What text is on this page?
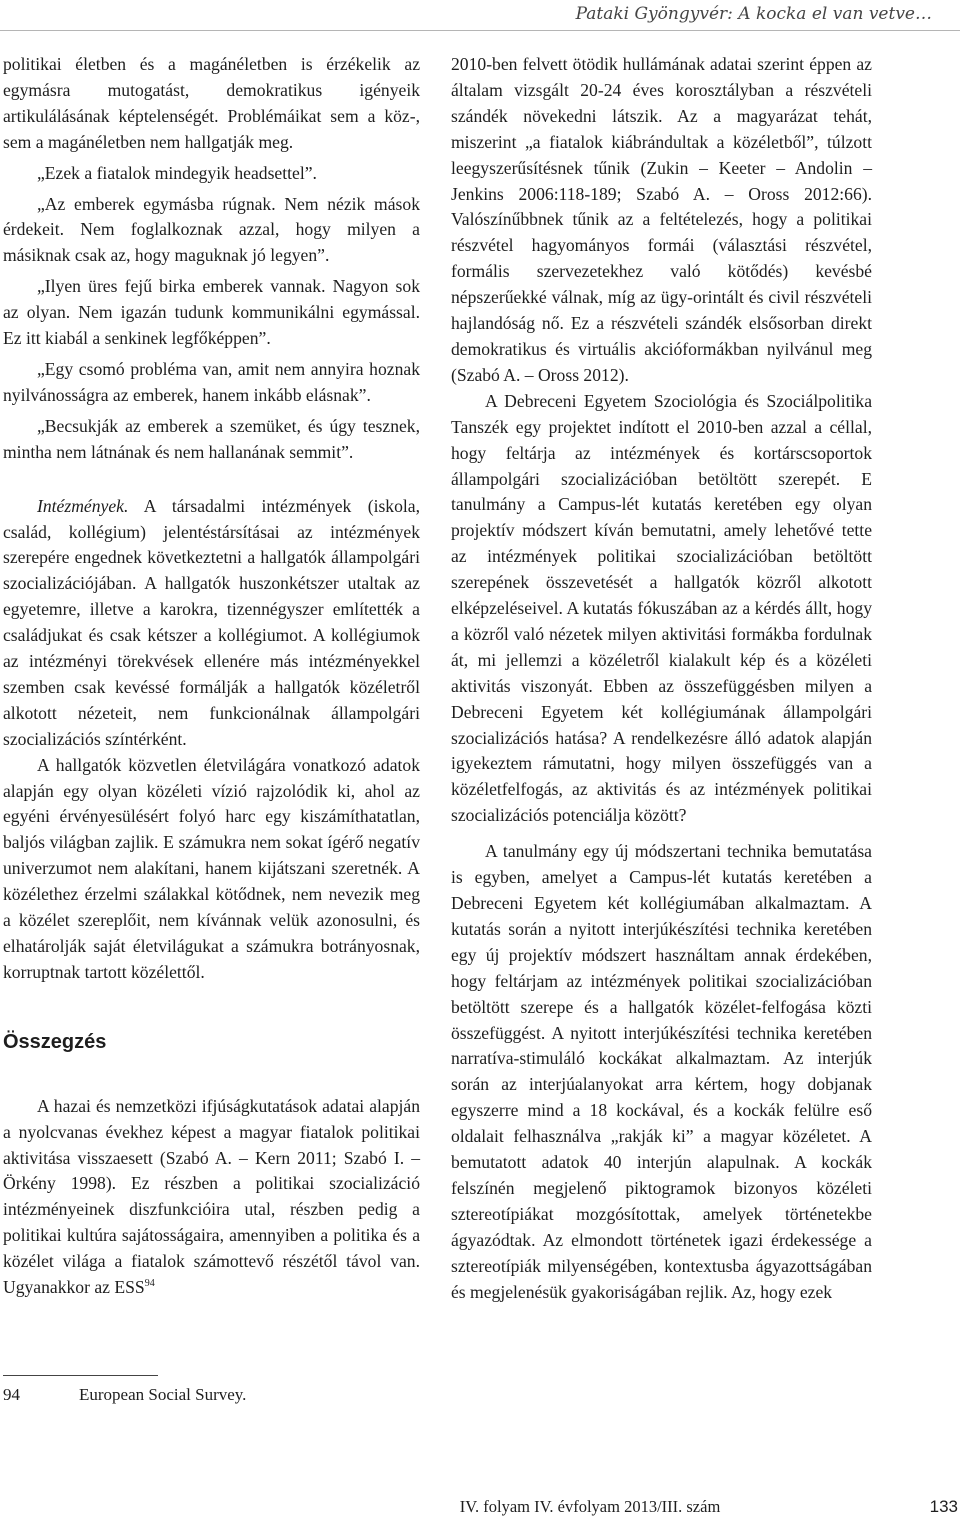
Pataki Gyöngyvér: A kocka el van vetve…

politikai életben és a magánéletben is érzékelik az egymásra mutogatást, demokratikus igényeik artikulálásának képtelenségét. Problémáikat sem a köz-, sem a magánéletben nem hallgatják meg.

„Ezek a fiatalok mindegyik headsettel”.

„Az emberek egymásba rúgnak. Nem nézik mások érdekeit. Nem foglalkoznak azzal, hogy milyen a másiknak csak az, hogy maguknak jó legyen”.

„Ilyen üres fejű birka emberek vannak. Nagyon sok az olyan. Nem igazán tudunk kommunikálni egymással. Ez itt kiabál a senkinek legfőképpen”.

„Egy csomó probléma van, amit nem annyira hoznak nyilvánosságra az emberek, hanem inkább elásnak”.

„Becsukják az emberek a szemüket, és úgy tesznek, mintha nem látnának és nem hallanának semmit”.

Intézmények. A társadalmi intézmények (iskola, család, kollégium) jelentéstársításai az intézmények szerepére engednek következtetni a hallgatók állampolgári szocializációjában. A hallgatók huszonkétszer utaltak az egyetemre, illetve a karokra, tizennégyszer említették a családjukat és csak kétszer a kollégiumot. A kollégiumok az intézményi törekvések ellenére más intézményekkel szemben csak kevéssé formálják a hallgatók közéletről alkotott nézeteit, nem funkcionálnak állampolgári szocializációs színtérként.

A hallgatók közvetlen életvilágára vonatkozó adatok alapján egy olyan közéleti vízió rajzolódik ki, ahol az egyéni érvényesülésért folyó harc egy kiszámíthatatlan, baljós világban zajlik. E számukra nem sokat ígérő negatív univerzumot nem alakítani, hanem kijátszani szeretnék. A közélethez érzelmi szálakkal kötődnek, nem nevezik meg a közélet szereplőit, nem kívánnak velük azonosulni, és elhatárolják saját életvilágukat a számukra botrányosnak, korruptnak tartott közélettől.

Összegzés

A hazai és nemzetközi ifjúságkutatások adatai alapján a nyolcvanas évekhez képest a magyar fiatalok politikai aktivitása visszaesett (Szabó A. ‒ Kern 2011; Szabó I. ‒ Örkény 1998). Ez részben a politikai szocializáció intézményeinek diszfunkcióira utal, részben pedig a politikai kultúra sajátosságaira, amennyiben a politika és a közélet világa a fiatalok számottevő részétől távol van. Ugyanakkor az ESS$^{94}$

2010-ben felvett ötödik hullámának adatai szerint éppen az általam vizsgált 20-24 éves korosztályban a részvételi szándék növekedni látszik. Az a magyarázat tehát, miszerint „a fiatalok kiábrándultak a közéletből”, túlzott leegyszerűsítésnek tűnik (Zukin ‒ Keeter ‒ Andolin ‒ Jenkins 2006:118-189; Szabó A. ‒ Oross 2012:66). Valószínűbbnek tűnik az a feltételezés, hogy a politikai részvétel hagyományos formái (választási részvétel, formális szervezetekhez való kötődés) kevésbé népszerűekké válnak, míg az ügy-orintált és civil részvételi hajlandóság nő. Ez a részvételi szándék elsősorban direkt demokratikus és virtuális akcióformákban nyilvánul meg (Szabó A. ‒ Oross 2012).

A Debreceni Egyetem Szociológia és Szociálpolitika Tanszék egy projektet indított el 2010-ben azzal a céllal, hogy feltárja az intézmények és kortárscsoportok állampolgári szocializációban betöltött szerepét. E tanulmány a Campus-lét kutatás keretében egy olyan projektív módszert kíván bemutatni, amely lehetővé tette az intézmények politikai szocializációban betöltött szerepének összevetését a hallgatók közről alkotott elképzeléseivel. A kutatás fókuszában az a kérdés állt, hogy a közről való nézetek milyen aktivitási formákba fordulnak át, mi jellemzi a közéletről kialakult kép és a közéleti aktivitás viszonyát. Ebben az összefüggésben milyen a Debreceni Egyetem két kollégiumának állampolgári szocializációs hatása? A rendelkezésre álló adatok alapján igyekeztem rámutatni, hogy milyen összefüggés van a közéletfelfogás, az aktivitás és az intézmények politikai szocializációs potenciálja között?

A tanulmány egy új módszertani technika bemutatása is egyben, amelyet a Campus-lét kutatás keretében a Debreceni Egyetem két kollégiumában alkalmaztam. A kutatás során a nyitott interjúkészítési technika keretében egy új projektív módszert használtam annak érdekében, hogy feltárjam az intézmények politikai szocializációban betöltött szerepe és a hallgatók közélet-felfogása közti összefüggést. A nyitott interjúkészítési technika keretében narratíva-stimuláló kockákat alkalmaztam. Az interjúk során az interjúalanyokat arra kértem, hogy dobjanak egyszerre mind a 18 kockával, és a kockák felülre eső oldalait felhasználva „rakják ki” a magyar közéletet. A bemutatott adatok 40 interjún alapulnak. A kockák felszínén megjelenő piktogramok bizonyos közéleti sztereotípiákat mozgósítottak, amelyek történetekbe ágyazódtak. Az elmondott történetek igazi érdekessége a sztereotípiák milyenségében, kontextusba ágyazottságában és megjelenésük gyakoriságában rejlik. Az, hogy ezek

94	European Social Survey.
IV. folyam IV. évfolyam 2013/III. szám	133
